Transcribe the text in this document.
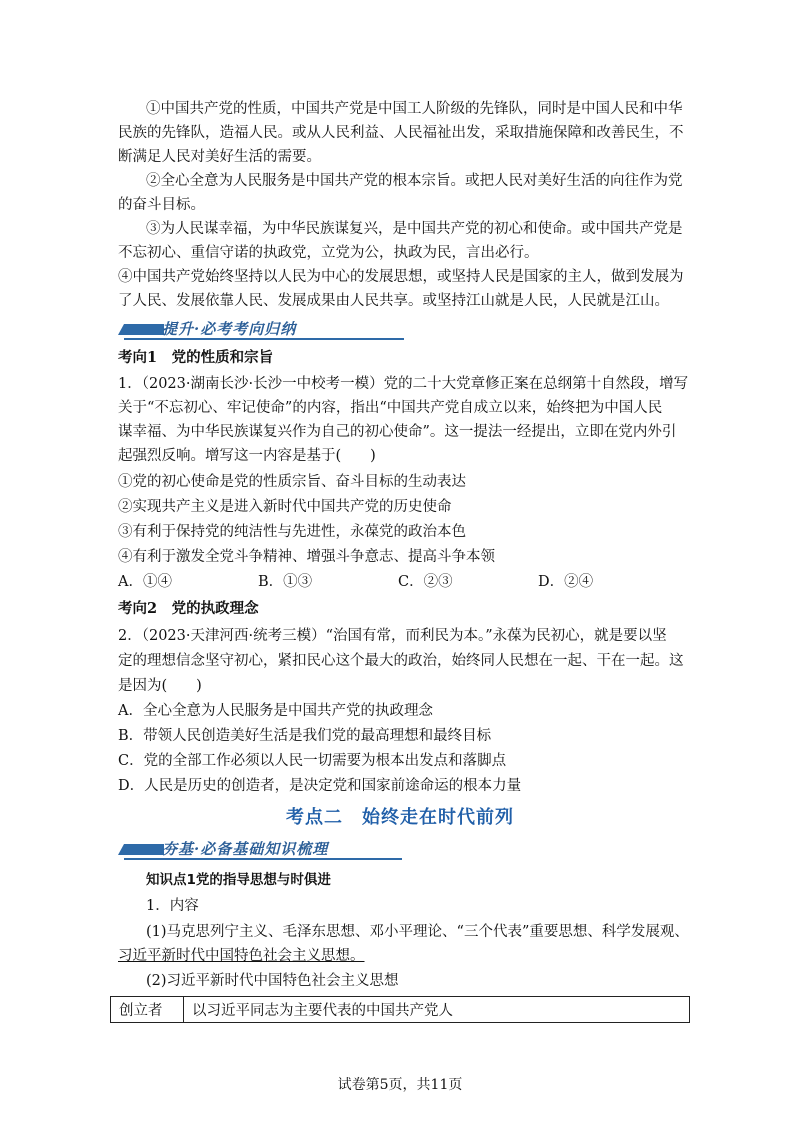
①中国共产党的性质，中国共产党是中国工人阶级的先锋队，同时是中国人民和中华
民族的先锋队，造福人民。或从人民利益、人民福祉出发，采取措施保障和改善民生，不
断满足人民对美好生活的需要。
②全心全意为人民服务是中国共产党的根本宗旨。或把人民对美好生活的向往作为党
的奋斗目标。
③为人民谋幸福，为中华民族谋复兴，是中国共产党的初心和使命。或中国共产党是
不忘初心、重信守诺的执政党，立党为公，执政为民，言出必行。
④中国共产党始终坚持以人民为中心的发展思想，或坚持人民是国家的主人，做到发展为
了人民、发展依靠人民、发展成果由人民共享。或坚持江山就是人民，人民就是江山。
提升·必考考向归纳
考向1　党的性质和宗旨
1．（2023·湖南长沙·长沙一中校考一模）党的二十大党章修正案在总纲第十自然段，增写
关于“不忘初心、牢记使命”的内容，指出“中国共产党自成立以来，始终把为中国人民
谋幸福、为中华民族谋复兴作为自己的初心使命”。这一提法一经提出，立即在党内外引
起强烈反响。增写这一内容是基于(　　)
①党的初心使命是党的性质宗旨、奋斗目标的生动表达
②实现共产主义是进入新时代中国共产党的历史使命
③有利于保持党的纯洁性与先进性，永葆党的政治本色
④有利于激发全党斗争精神、增强斗争意志、提高斗争本领
A．①④	B．①③	C．②③	D．②④
考向2　党的执政理念
2．（2023·天津河西·统考三模）“治国有常，而利民为本。”永葆为民初心，就是要以坚
定的理想信念坚守初心，紧扣民心这个最大的政治，始终同人民想在一起、干在一起。这
是因为(　　)
A．全心全意为人民服务是中国共产党的执政理念
B．带领人民创造美好生活是我们党的最高理想和最终目标
C．党的全部工作必须以人民一切需要为根本出发点和落脚点
D．人民是历史的创造者，是决定党和国家前途命运的根本力量
考点二　始终走在时代前列
夯基·必备基础知识梳理
知识点1党的指导思想与时俱进
1．内容
(1)马克思列宁主义、毛泽东思想、邓小平理论、“三个代表”重要思想、科学发展观、
习近平新时代中国特色社会主义思想。
(2)习近平新时代中国特色社会主义思想
创立者	以习近平同志为主要代表的中国共产党人
试卷第5页，共11页
